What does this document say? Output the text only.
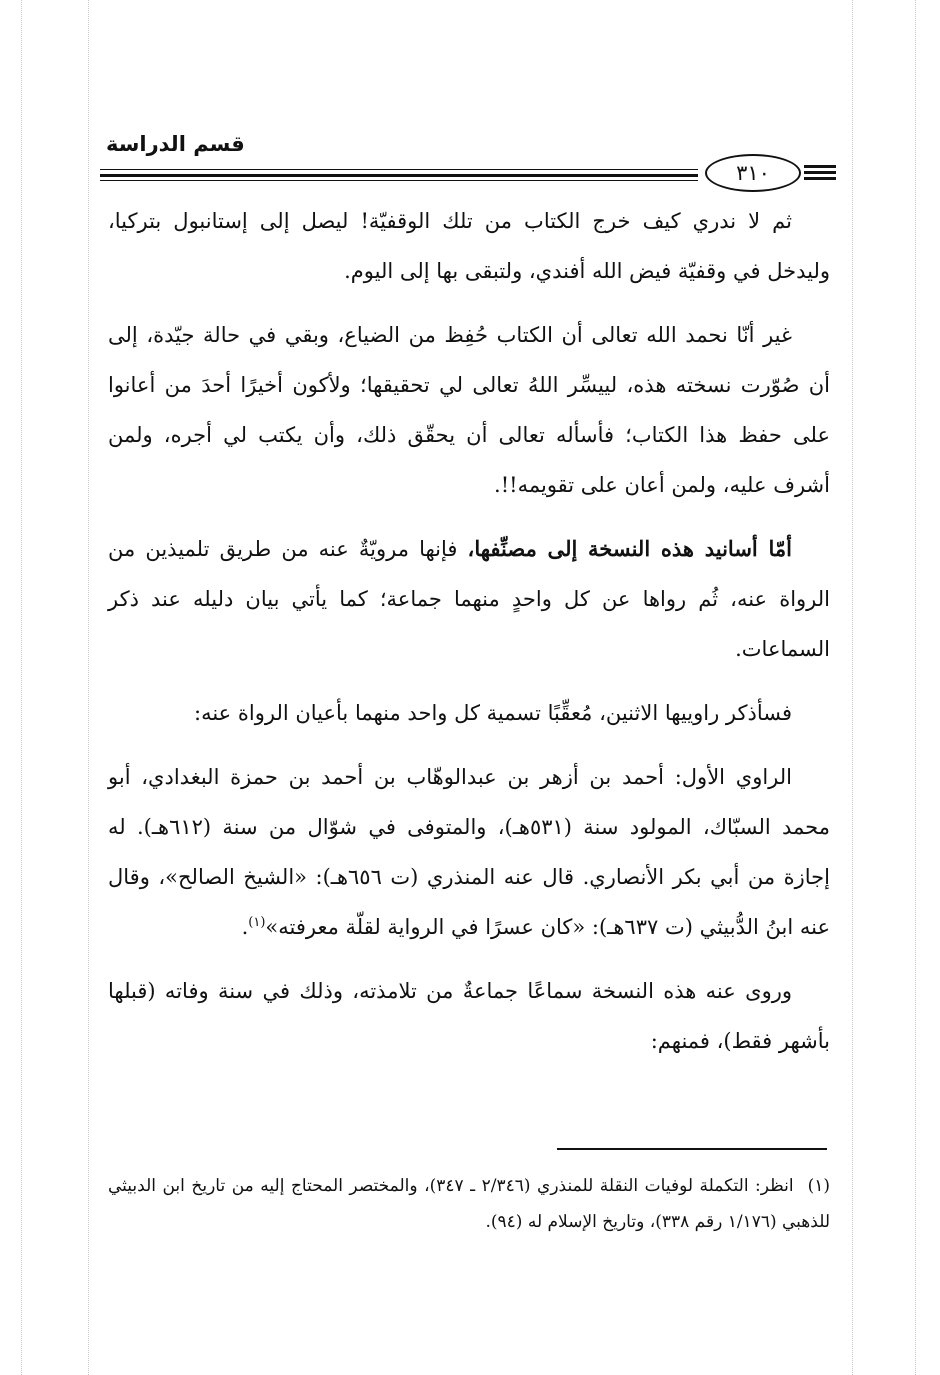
قسم الدراسة
٣١٠

ثم لا ندري كيف خرج الكتاب من تلك الوقفيّة! ليصل إلى إستانبول بتركيا، وليدخل في وقفيّة فيض الله أفندي، ولتبقى بها إلى اليوم.

غير أنّا نحمد الله تعالى أن الكتاب حُفِظ من الضياع، وبقي في حالة جيّدة، إلى أن صُوّرت نسخته هذه، لييسِّر اللهُ تعالى لي تحقيقها؛ ولأكون أخيرًا أحدَ من أعانوا على حفظ هذا الكتاب؛ فأسأله تعالى أن يحقّق ذلك، وأن يكتب لي أجره، ولمن أشرف عليه، ولمن أعان على تقويمه!!.

أمّا أسانيد هذه النسخة إلى مصنِّفها، فإنها مرويّةٌ عنه من طريق تلميذين من الرواة عنه، ثُم رواها عن كل واحدٍ منهما جماعة؛ كما يأتي بيان دليله عند ذكر السماعات.

فسأذكر راوييها الاثنين، مُعقِّبًا تسمية كل واحد منهما بأعيان الرواة عنه:

الراوي الأول: أحمد بن أزهر بن عبدالوهّاب بن أحمد بن حمزة البغدادي، أبو محمد السبّاك، المولود سنة (٥٣١هـ)، والمتوفى في شوّال من سنة (٦١٢هـ). له إجازة من أبي بكر الأنصاري. قال عنه المنذري (ت ٦٥٦هـ): «الشيخ الصالح»، وقال عنه ابنُ الدُّبيثي (ت ٦٣٧هـ): «كان عسرًا في الرواية لقلّة معرفته»$^{(١)}$.

وروى عنه هذه النسخة سماعًا جماعةٌ من تلامذته، وذلك في سنة وفاته (قبلها بأشهر فقط)، فمنهم:

(١)انظر: التكملة لوفيات النقلة للمنذري (٢/٣٤٦ ـ ٣٤٧)، والمختصر المحتاج إليه من تاريخ ابن الدبيثي للذهبي (١/١٧٦ رقم ٣٣٨)، وتاريخ الإسلام له (٩٤).
